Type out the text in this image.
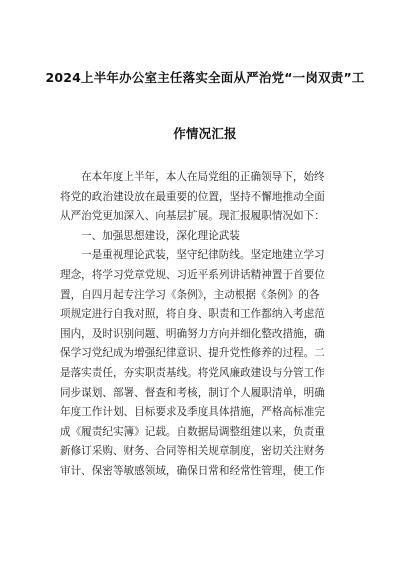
2024上半年办公室主任落实全面从严治党“一岗双责”工
作情况汇报

在本年度上半年，本人在局党组的正确领导下，始终

将党的政治建设放在最重要的位置，坚持不懈地推动全面

从严治党更加深入、向基层扩展。现汇报履职情况如下：

一、加强思想建设，深化理论武装

一是重视理论武装，坚守纪律防线。坚定地建立学习

理念，将学习党章党规、习近平系列讲话精神置于首要位

置，自四月起专注学习《条例》，主动根据《条例》的各

项规定进行自我对照，将自身、职责和工作都纳入考虑范

围内，及时识别问题、明确努力方向并细化整改措施，确

保学习党纪成为增强纪律意识、提升党性修养的过程。二

是落实责任，夯实职责基线。将党风廉政建设与分管工作

同步谋划、部署、督查和考核，制订个人履职清单，明确

年度工作计划、目标要求及季度具体措施，严格高标准完

成《履责纪实簿》记载。自数据局调整组建以来，负责重

新修订采购、财务、合同等相关规章制度，密切关注财务

审计、保密等敏感领域，确保日常和经常性管理，使工作
